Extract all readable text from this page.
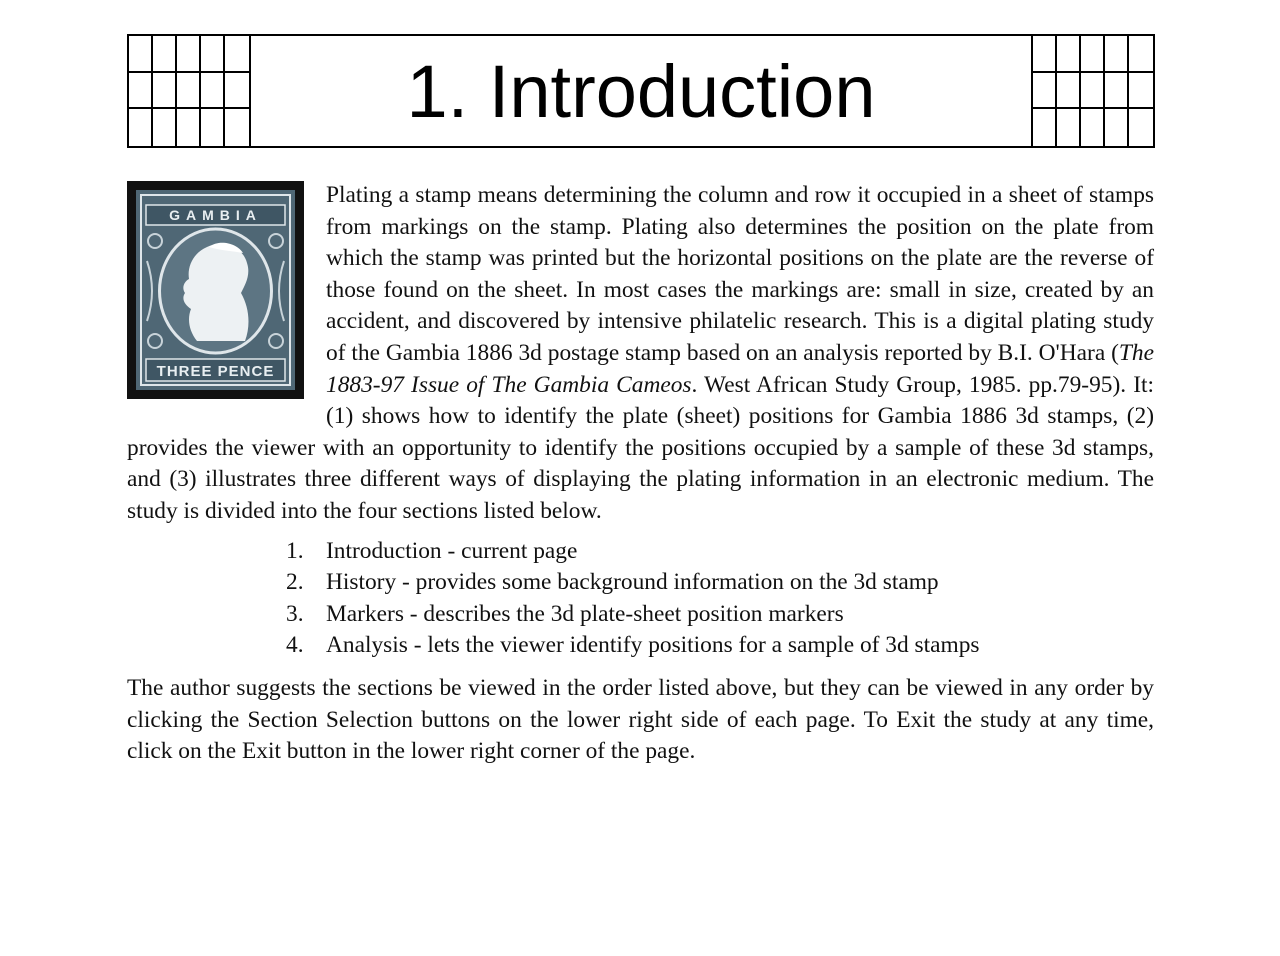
1. Introduction
GAMBIA
THREE PENCE

Plating a stamp means determining the column and row it occupied in a sheet of stamps from markings on the stamp. Plating also determines the position on the plate from which the stamp was printed but the horizontal positions on the plate are the reverse of those found on the sheet. In most cases the markings are: small in size, created by an accident, and discovered by intensive philatelic research. This is a digital plating study of the Gambia 1886 3d postage stamp based on an analysis reported by B.I. O'Hara (The 1883-97 Issue of The Gambia Cameos. West African Study Group, 1985. pp.79-95). It: (1) shows how to identify the plate (sheet) positions for Gambia 1886 3d stamps, (2) provides the viewer with an opportunity to identify the positions occupied by a sample of these 3d stamps, and (3) illustrates three different ways of displaying the plating information in an electronic medium. The study is divided into the four sections listed below.

1. Introduction - current page
2. History - provides some background information on the 3d stamp
3. Markers - describes the 3d plate-sheet position markers
4. Analysis - lets the viewer identify positions for a sample of 3d stamps

The author suggests the sections be viewed in the order listed above, but they can be viewed in any order by clicking the Section Selection buttons on the lower right side of each page. To Exit the study at any time, click on the Exit button in the lower right corner of the page.
